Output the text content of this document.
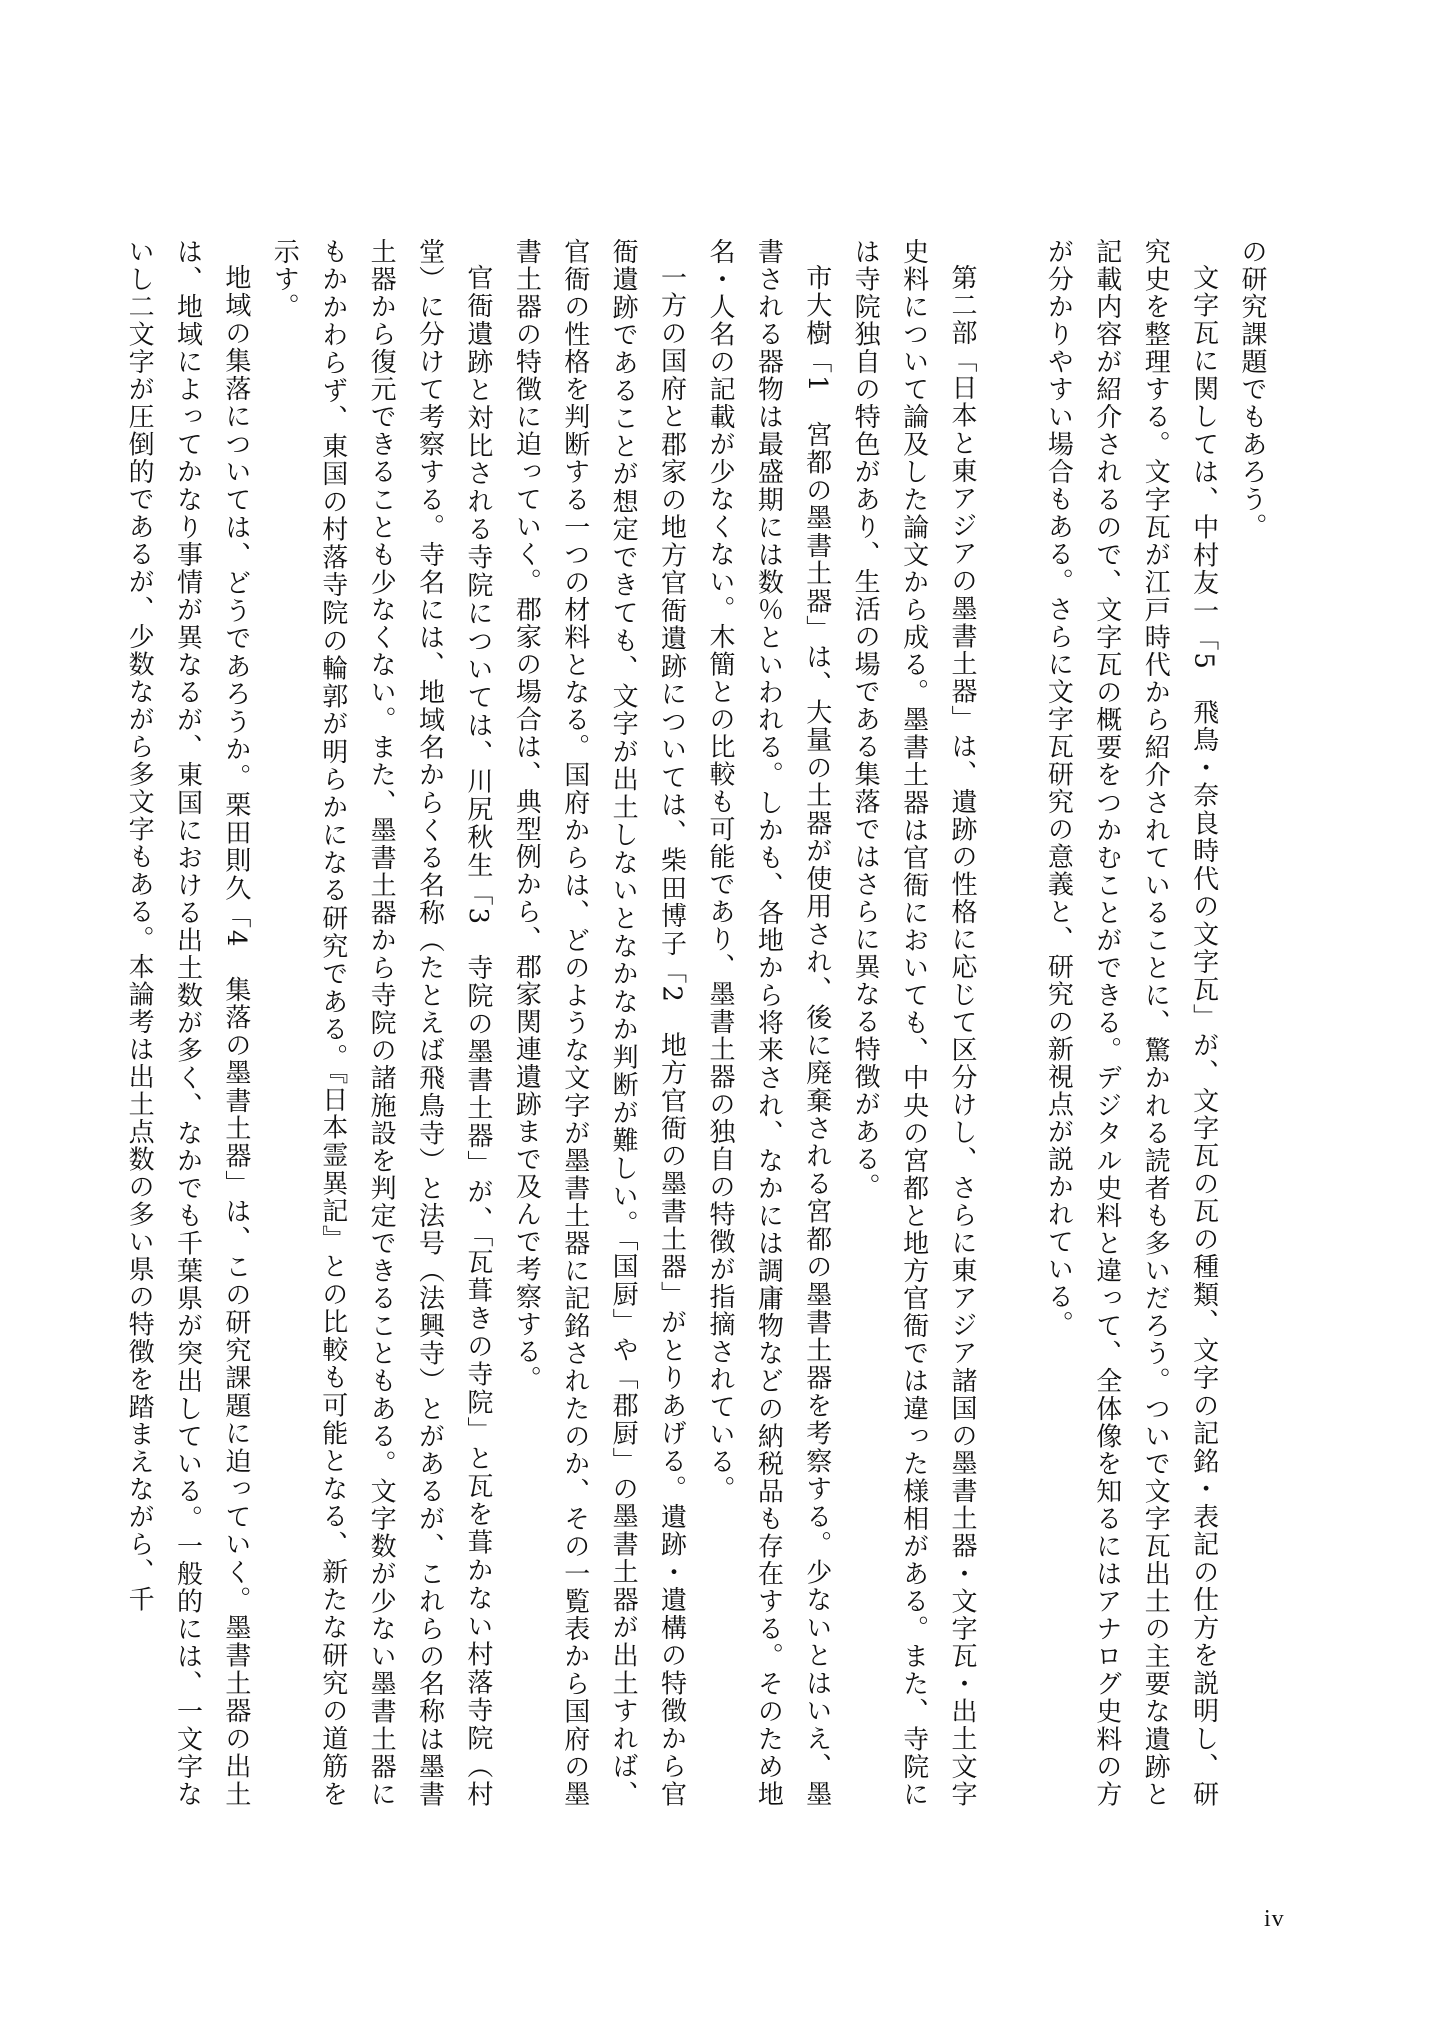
の研究課題でもあろう。

文字瓦に関しては、中村友一「5　飛鳥・奈良時代の文字瓦」が、文字瓦の瓦の種類、文字の記銘・表記の仕方を説明し、研究史を整理する。文字瓦が江戸時代から紹介されていることに、驚かれる読者も多いだろう。ついで文字瓦出土の主要な遺跡と記載内容が紹介されるので、文字瓦の概要をつかむことができる。デジタル史料と違って、全体像を知るにはアナログ史料の方が分かりやすい場合もある。さらに文字瓦研究の意義と、研究の新視点が説かれている。

第二部「日本と東アジアの墨書土器」は、遺跡の性格に応じて区分けし、さらに東アジア諸国の墨書土器・文字瓦・出土文字史料について論及した論文から成る。墨書土器は官衙においても、中央の宮都と地方官衙では違った様相がある。また、寺院には寺院独自の特色があり、生活の場である集落ではさらに異なる特徴がある。

市大樹「1　宮都の墨書土器」は、大量の土器が使用され、後に廃棄される宮都の墨書土器を考察する。少ないとはいえ、墨書される器物は最盛期には数％といわれる。しかも、各地から将来され、なかには調庸物などの納税品も存在する。そのため地名・人名の記載が少なくない。木簡との比較も可能であり、墨書土器の独自の特徴が指摘されている。

一方の国府と郡家の地方官衙遺跡については、柴田博子「2　地方官衙の墨書土器」がとりあげる。遺跡・遺構の特徴から官衙遺跡であることが想定できても、文字が出土しないとなかなか判断が難しい。「国厨」や「郡厨」の墨書土器が出土すれば、官衙の性格を判断する一つの材料となる。国府からは、どのような文字が墨書土器に記銘されたのか、その一覧表から国府の墨書土器の特徴に迫っていく。郡家の場合は、典型例から、郡家関連遺跡まで及んで考察する。

官衙遺跡と対比される寺院については、川尻秋生「3　寺院の墨書土器」が、「瓦葺きの寺院」と瓦を葺かない村落寺院（村堂）に分けて考察する。寺名には、地域名からくる名称（たとえば飛鳥寺）と法号（法興寺）とがあるが、これらの名称は墨書土器から復元できることも少なくない。また、墨書土器から寺院の諸施設を判定できることもある。文字数が少ない墨書土器にもかかわらず、東国の村落寺院の輪郭が明らかになる研究である。『日本霊異記』との比較も可能となる、新たな研究の道筋を示す。

地域の集落については、どうであろうか。栗田則久「4　集落の墨書土器」は、この研究課題に迫っていく。墨書土器の出土は、地域によってかなり事情が異なるが、東国における出土数が多く、なかでも千葉県が突出している。一般的には、一文字ないし二文字が圧倒的であるが、少数ながら多文字もある。本論考は出土点数の多い県の特徴を踏まえながら、千

iv
